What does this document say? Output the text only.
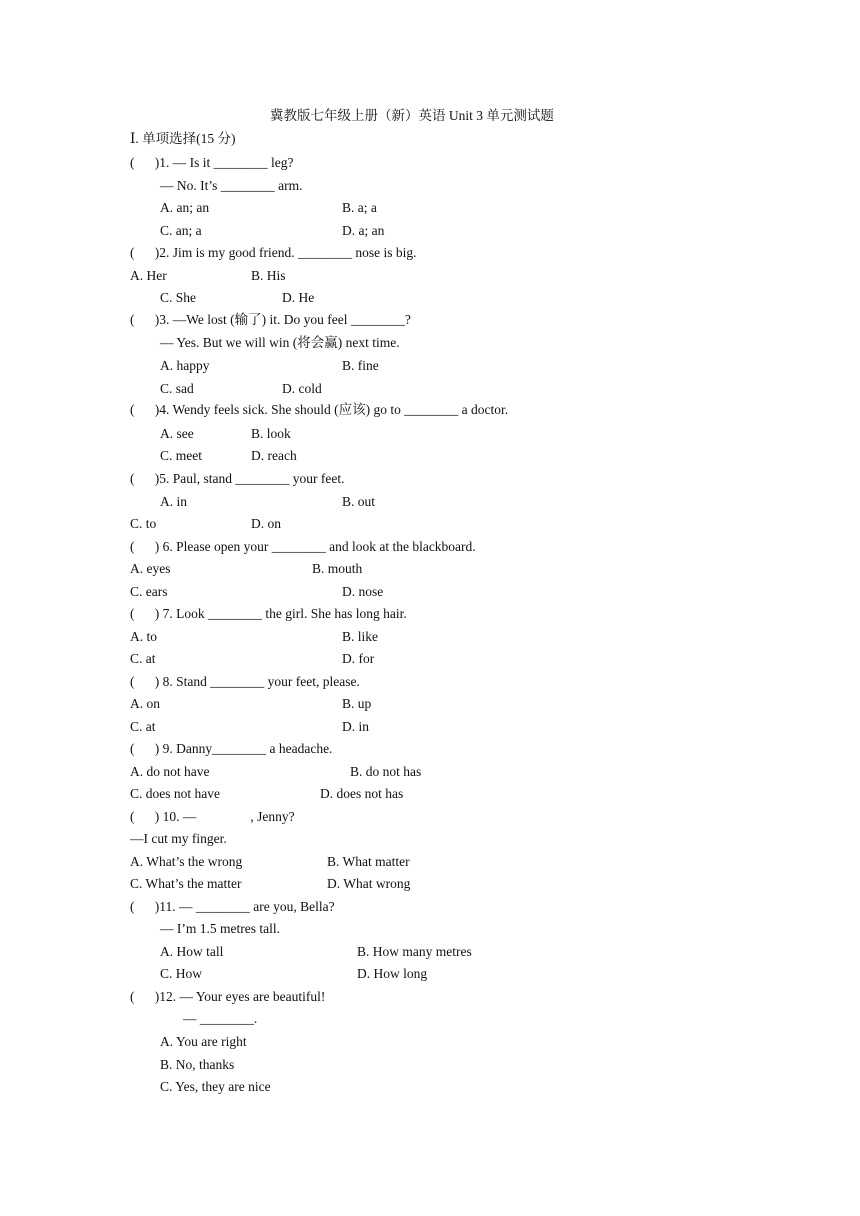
冀教版七年级上册（新）英语 Unit 3 单元测试题
Ⅰ. 单项选择(15 分)
(      )1. — Is it ________ leg?
— No. It’s ________ arm.
A. an; an	B. a; a
C. an; a	D. a; an
(      )2. Jim is my good friend. ________ nose is big.
A. Her	B. His
C. She	D. He
(      )3. —We lost (输了) it. Do you feel ________?
— Yes. But we will win (将会赢) next time.
A. happy	B. fine
C. sad	D. cold
(      )4. Wendy feels sick. She should (应该) go to ________ a doctor.
A. see	B. look
C. meet	D. reach
(      )5. Paul, stand ________ your feet.
A. in	B. out
C. to	D. on
(      ) 6. Please open your ________ and look at the blackboard.
A. eyes	B. mouth
C. ears	D. nose
(      ) 7. Look ________ the girl. She has long hair.
A. to	B. like
C. at	D. for
(      ) 8. Stand ________ your feet, please.
A. on	B. up
C. at	D. in
(      ) 9. Danny________ a headache.
A. do not have	B. do not has
C. does not have	D. does not has
(      ) 10. —                , Jenny?
—I cut my finger.
A. What’s the wrong	B. What matter
C. What’s the matter	D. What wrong
(      )11. — ________ are you, Bella?
— I’m 1.5 metres tall.
A. How tall	B. How many metres
C. How	D. How long
(      )12. — Your eyes are beautiful!
— ________.
A. You are right
B. No, thanks
C. Yes, they are nice
